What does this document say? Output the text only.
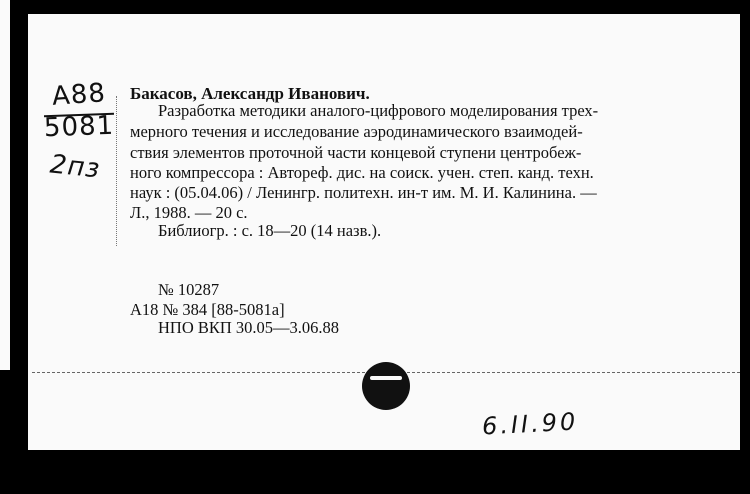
А88
5081
2пз
Бакасов, Александр Иванович.
Разработка методики аналого-цифрового моделирования трех-
мерного течения и исследование аэродинамического взаимодей-
ствия элементов проточной части концевой ступени центробеж-
ного компрессора : Автореф. дис. на соиск. учен. степ. канд. техн.
наук : (05.04.06) / Ленингр. политехн. ин-т им. М. И. Калинина. —
Л., 1988. — 20 с.
Библиогр. : с. 18—20 (14 назв.).
№ 10287
А18 № 384 [88-5081а]
НПО ВКП 30.05—3.06.88
6.II.90
